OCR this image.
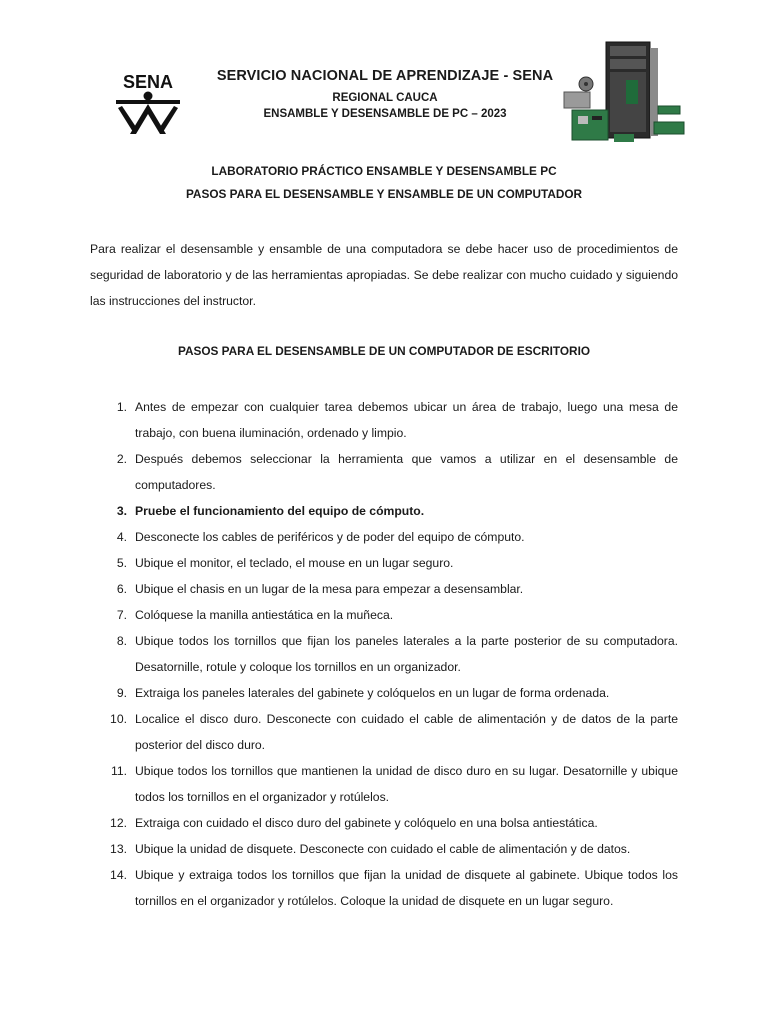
SENA	SERVICIO NACIONAL DE APRENDIZAJE - SENA
REGIONAL CAUCA
ENSAMBLE Y DESENSAMBLE DE PC – 2023
LABORATORIO PRÁCTICO ENSAMBLE Y DESENSAMBLE PC
PASOS PARA EL DESENSAMBLE Y ENSAMBLE DE UN COMPUTADOR
Para realizar el desensamble y ensamble de una computadora se debe hacer uso de procedimientos de seguridad de laboratorio y de las herramientas apropiadas. Se debe realizar con mucho cuidado y siguiendo las instrucciones del instructor.
PASOS PARA EL DESENSAMBLE DE UN COMPUTADOR DE ESCRITORIO
1. Antes de empezar con cualquier tarea debemos ubicar un área de trabajo, luego una mesa de trabajo, con buena iluminación, ordenado y limpio.
2. Después debemos seleccionar la herramienta que vamos a utilizar en el desensamble de computadores.
3. Pruebe el funcionamiento del equipo de cómputo.
4. Desconecte los cables de periféricos y de poder del equipo de cómputo.
5. Ubique el monitor, el teclado, el mouse en un lugar seguro.
6. Ubique el chasis en un lugar de la mesa para empezar a desensamblar.
7. Colóquese la manilla antiestática en la muñeca.
8. Ubique todos los tornillos que fijan los paneles laterales a la parte posterior de su computadora. Desatornille, rotule y coloque los tornillos en un organizador.
9. Extraiga los paneles laterales del gabinete y colóquelos en un lugar de forma ordenada.
10. Localice el disco duro. Desconecte con cuidado el cable de alimentación y de datos de la parte posterior del disco duro.
11. Ubique todos los tornillos que mantienen la unidad de disco duro en su lugar. Desatornille y ubique todos los tornillos en el organizador y rotúlelos.
12. Extraiga con cuidado el disco duro del gabinete y colóquelo en una bolsa antiestática.
13. Ubique la unidad de disquete. Desconecte con cuidado el cable de alimentación y de datos.
14. Ubique y extraiga todos los tornillos que fijan la unidad de disquete al gabinete. Ubique todos los tornillos en el organizador y rotúlelos. Coloque la unidad de disquete en un lugar seguro.
